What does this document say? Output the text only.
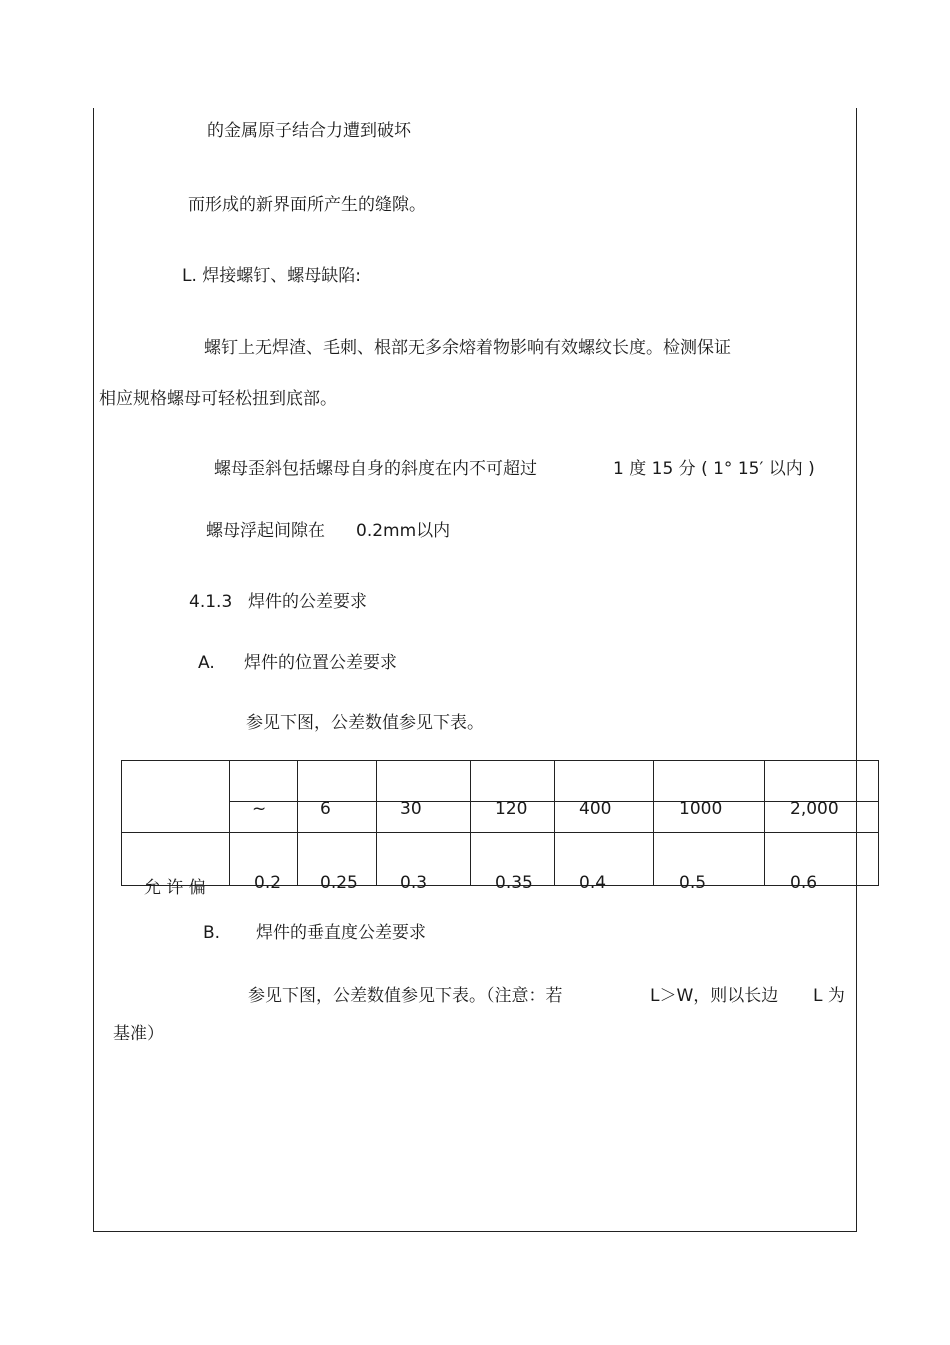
的金属原子结合力遭到破坏
而形成的新界面所产生的缝隙。
L. 焊接螺钉、螺母缺陷:
螺钉上无焊渣、毛刺、根部无多余熔着物影响有效螺纹长度。检测保证
相应规格螺母可轻松扭到底部。
螺母歪斜包括螺母自身的斜度在内不可超过	1 度 15 分 ( 1° 15′ 以内 )
螺母浮起间隙在 0.2mm以内
4.1.3 焊件的公差要求
A. 焊件的位置公差要求
参见下图，公差数值参见下表。

	~	6	30	120	400	1000	2,000

允 许 偏	0.2	0.25	0.3	0.35	0.4	0.5	0.6
B. 焊件的垂直度公差要求
参见下图，公差数值参见下表。（注意：若	L＞W，则以长边 L 为
基准）
